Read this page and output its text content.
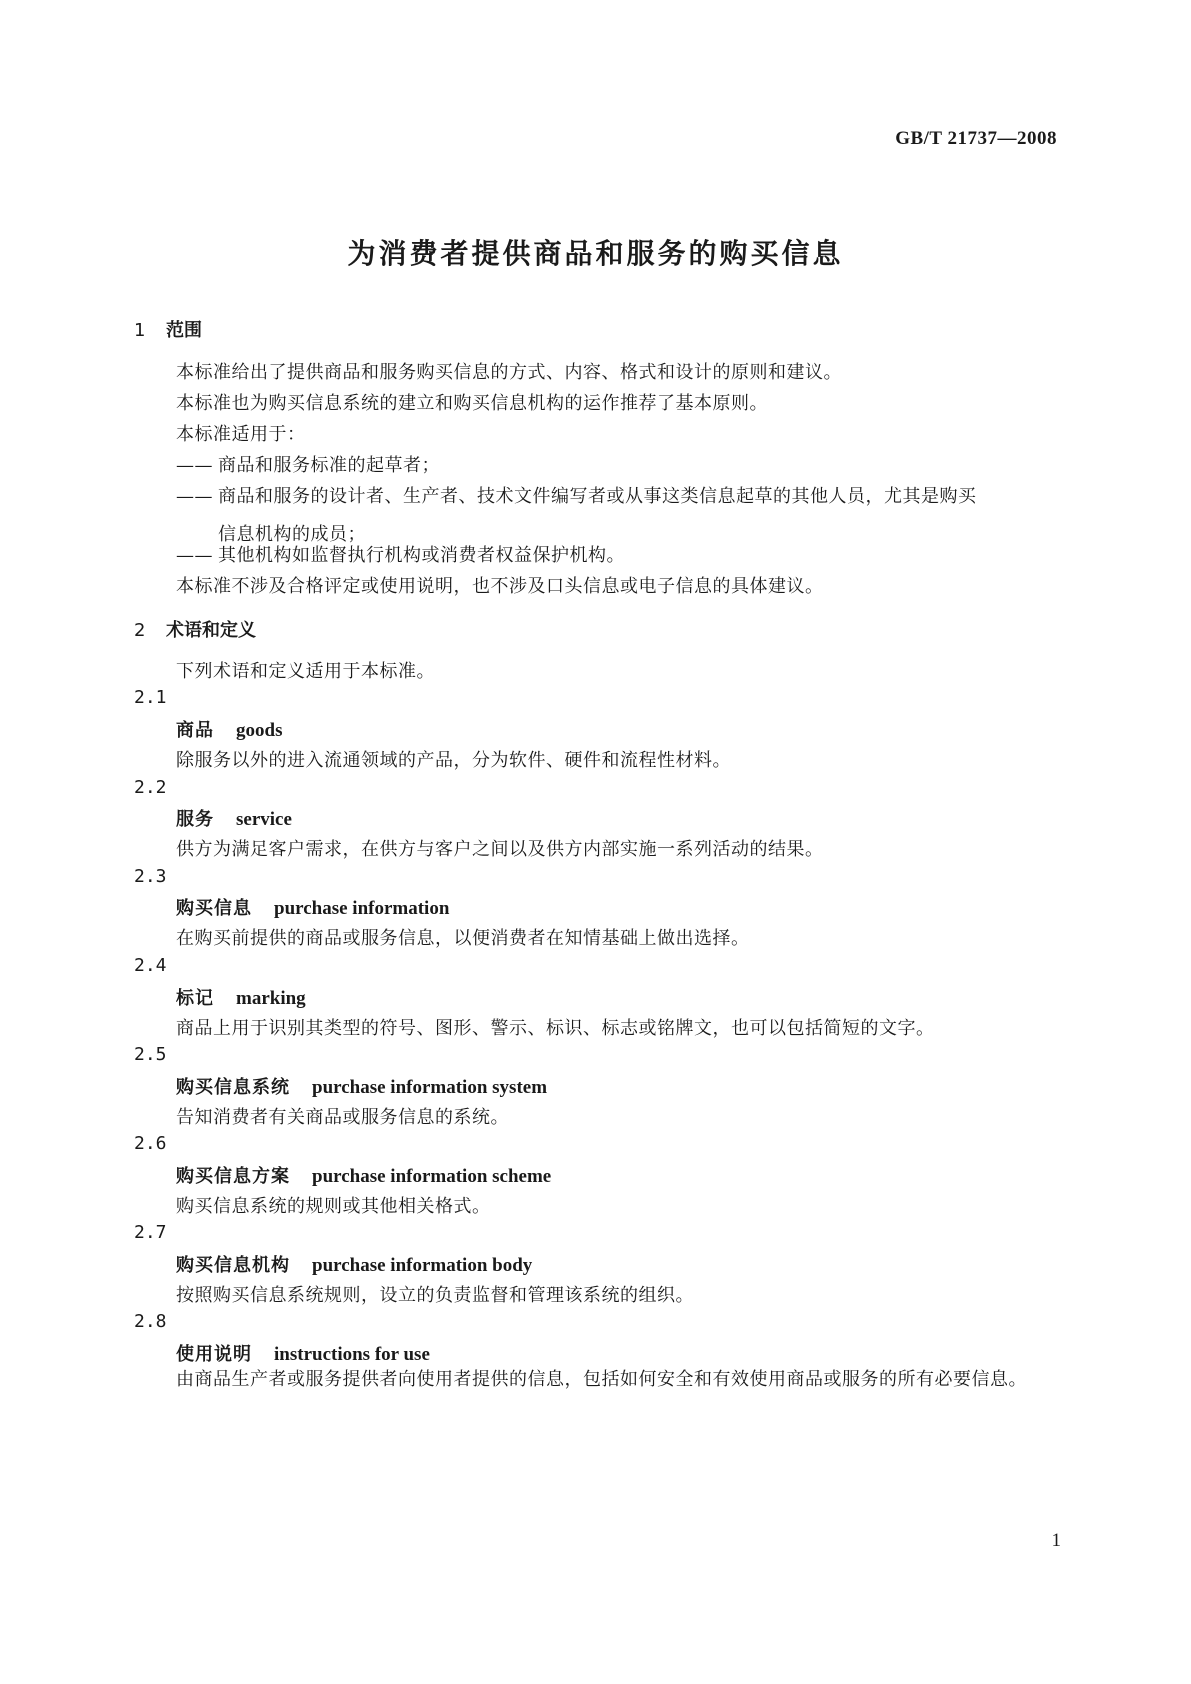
GB/T 21737—2008
为消费者提供商品和服务的购买信息
1 范围
本标准给出了提供商品和服务购买信息的方式、内容、格式和设计的原则和建议。
本标准也为购买信息系统的建立和购买信息机构的运作推荐了基本原则。
本标准适用于：
—— 商品和服务标准的起草者；
—— 商品和服务的设计者、生产者、技术文件编写者或从事这类信息起草的其他人员，尤其是购买
信息机构的成员；
—— 其他机构如监督执行机构或消费者权益保护机构。
本标准不涉及合格评定或使用说明，也不涉及口头信息或电子信息的具体建议。
2 术语和定义
下列术语和定义适用于本标准。
2.1
商品 goods
除服务以外的进入流通领域的产品，分为软件、硬件和流程性材料。
2.2
服务 service
供方为满足客户需求，在供方与客户之间以及供方内部实施一系列活动的结果。
2.3
购买信息 purchase information
在购买前提供的商品或服务信息，以便消费者在知情基础上做出选择。
2.4
标记 marking
商品上用于识别其类型的符号、图形、警示、标识、标志或铭牌文，也可以包括简短的文字。
2.5
购买信息系统 purchase information system
告知消费者有关商品或服务信息的系统。
2.6
购买信息方案 purchase information scheme
购买信息系统的规则或其他相关格式。
2.7
购买信息机构 purchase information body
按照购买信息系统规则，设立的负责监督和管理该系统的组织。
2.8
使用说明 instructions for use
由商品生产者或服务提供者向使用者提供的信息，包括如何安全和有效使用商品或服务的所有必要信息。
1
